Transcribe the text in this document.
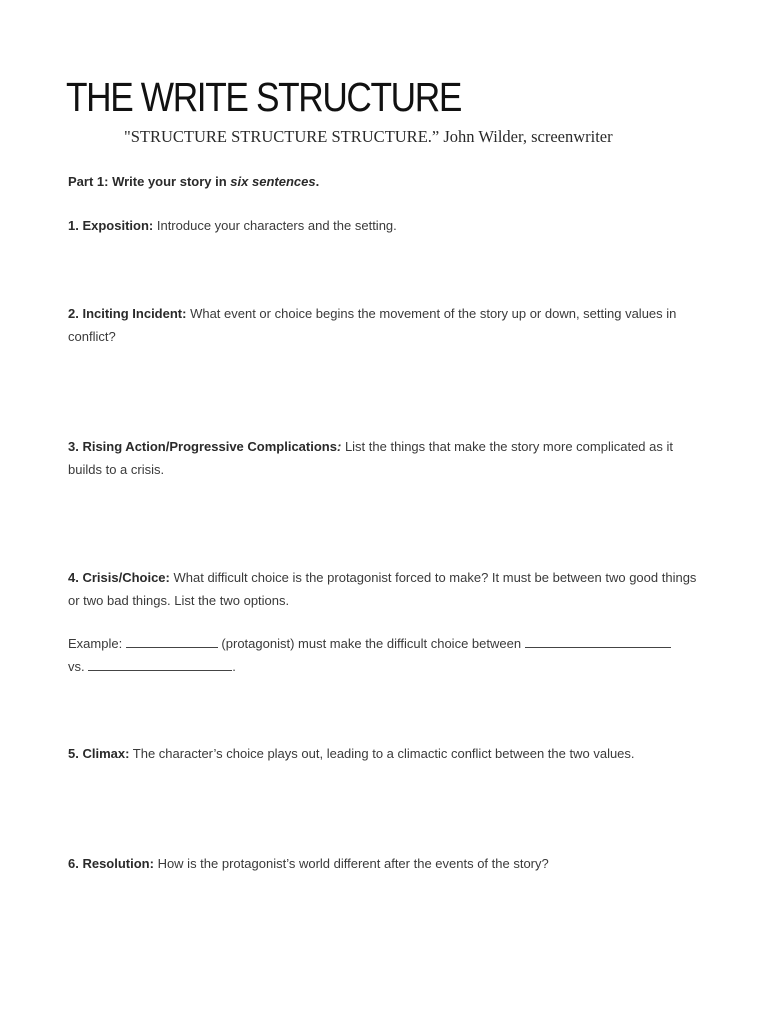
THE WRITE STRUCTURE
"STRUCTURE STRUCTURE STRUCTURE.” John Wilder, screenwriter
Part 1: Write your story in six sentences.
1. Exposition: Introduce your characters and the setting.
2. Inciting Incident: What event or choice begins the movement of the story up or down, setting values in conflict?
3. Rising Action/Progressive Complications: List the things that make the story more complicated as it builds to a crisis.
4. Crisis/Choice: What difficult choice is the protagonist forced to make? It must be between two good things or two bad things. List the two options.
Example:	(protagonist) must make the difficult choice between
vs.	.
5. Climax: The character’s choice plays out, leading to a climactic conflict between the two values.
6. Resolution: How is the protagonist’s world different after the events of the story?
